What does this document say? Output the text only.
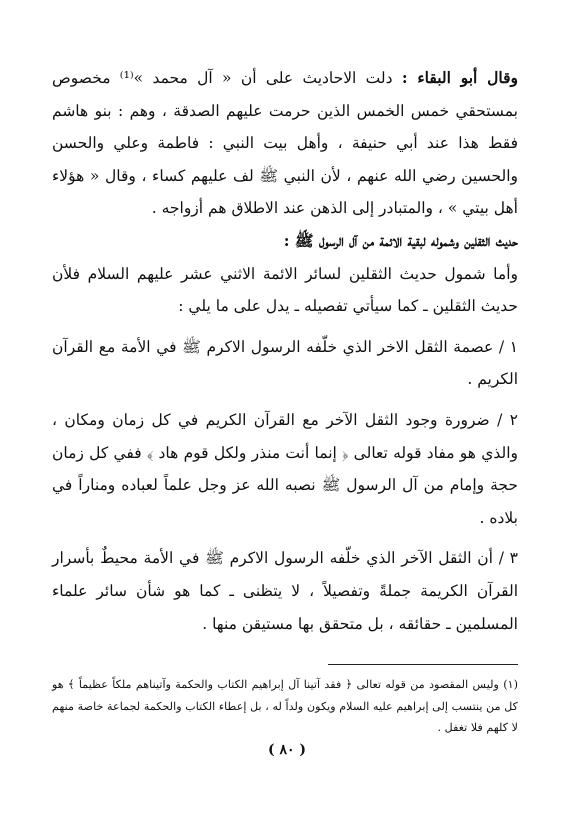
وقال أبو البقاء : دلت الاحاديث على أن « آل محمد »⁽¹⁾ مخصوص بمستحقي خمس الخمس الذين حرمت عليهم الصدقة ، وهم : بنو هاشم فقط هذا عند أبي حنيفة ، وأهل بيت النبي : فاطمة وعلي والحسن والحسين رضي الله عنهم ، لأن النبي ﷺ لف عليهم كساء ، وقال « هؤلاء أهل بيتي » ، والمتبادر إلى الذهن عند الاطلاق هم أزواجه .

حديث الثقلين وشموله لبقية الائمة من آل الرسول ﷺ :

وأما شمول حديث الثقلين لسائر الائمة الاثني عشر عليهم السلام فلأن حديث الثقلين ـ كما سيأتي تفصيله ـ يدل على ما يلي :

١ / عصمة الثقل الاخر الذي خلّفه الرسول الاكرم ﷺ في الأمة مع القرآن الكريم .

٢ / ضرورة وجود الثقل الآخر مع القرآن الكريم في كل زمان ومكان ، والذي هو مفاد قوله تعالى ﴿ إنما أنت منذر ولكل قوم هاد ﴾ ففي كل زمان حجة وإمام من آل الرسول ﷺ نصبه الله عز وجل علماً لعباده ومناراً في بلاده .

٣ / أن الثقل الآخر الذي خلّفه الرسول الاكرم ﷺ في الأمة محيطٌ بأسرار القرآن الكريمة جملةً وتفصيلاً ، لا يتظنى ـ كما هو شأن سائر علماء المسلمين ـ حقائقه ، بل متحقق بها مستيقن منها .

(١) وليس المقصود من قوله تعالى ﴿ فقد آتينا آل إبراهيم الكتاب والحكمة وآتيناهم ملكاً عظيماً ﴾ هو كل من ينتسب إلى إبراهيم عليه السلام ويكون ولداً له ، بل إعطاء الكتاب والحكمة لجماعة خاصة منهم لا كلهم فلا تغفل .

( ٨٠ )
